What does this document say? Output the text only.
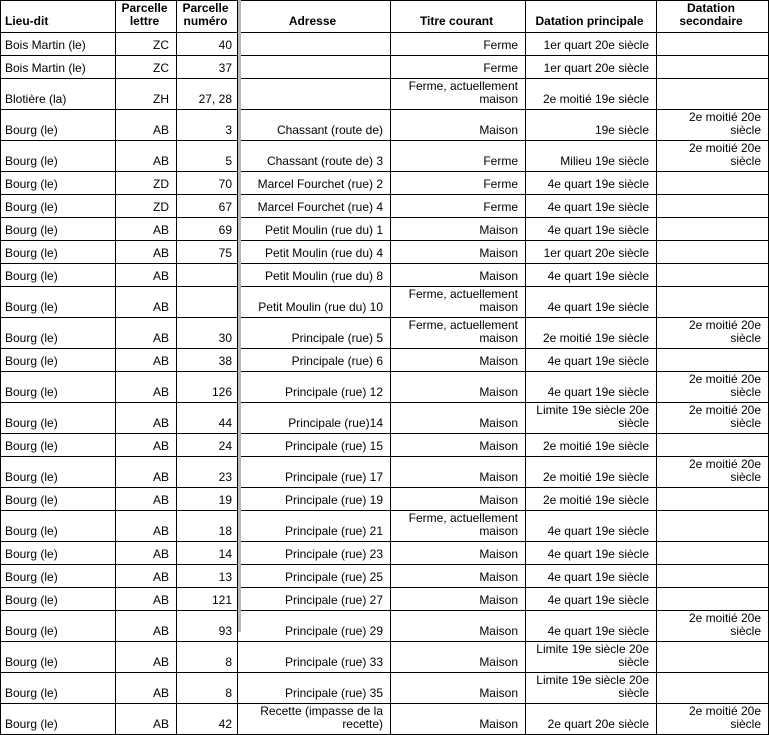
Lieu-dit	Parcelle lettre	Parcelle numéro	Adresse	Titre courant	Datation principale	Datation secondaire
Bois Martin (le)	ZC	40		Ferme	1er quart 20e siècle	
Bois Martin (le)	ZC	37		Ferme	1er quart 20e siècle	
Blotière (la)	ZH	27, 28		Ferme, actuellement maison	2e moitié 19e siècle	
Bourg (le)	AB	3	Chassant (route de)	Maison	19e siècle	2e moitié 20e siècle
Bourg (le)	AB	5	Chassant (route de) 3	Ferme	Milieu 19e siècle	2e moitié 20e siècle
Bourg (le)	ZD	70	Marcel Fourchet (rue) 2	Ferme	4e quart 19e siècle	
Bourg (le)	ZD	67	Marcel Fourchet (rue) 4	Ferme	4e quart 19e siècle	
Bourg (le)	AB	69	Petit Moulin (rue du) 1	Maison	4e quart 19e siècle	
Bourg (le)	AB	75	Petit Moulin (rue du) 4	Maison	1er quart 20e siècle	
Bourg (le)	AB		Petit Moulin (rue du) 8	Maison	4e quart 19e siècle	
Bourg (le)	AB		Petit Moulin (rue du) 10	Ferme, actuellement maison	4e quart 19e siècle	
Bourg (le)	AB	30	Principale (rue) 5	Ferme, actuellement maison	2e moitié 19e siècle	2e moitié 20e siècle
Bourg (le)	AB	38	Principale (rue) 6	Maison	4e quart 19e siècle	
Bourg (le)	AB	126	Principale (rue) 12	Maison	4e quart 19e siècle	2e moitié 20e siècle
Bourg (le)	AB	44	Principale (rue)14	Maison	Limite 19e siècle 20e siècle	2e moitié 20e siècle
Bourg (le)	AB	24	Principale (rue) 15	Maison	2e moitié 19e siècle	
Bourg (le)	AB	23	Principale (rue) 17	Maison	2e moitié 19e siècle	2e moitié 20e siècle
Bourg (le)	AB	19	Principale (rue) 19	Maison	2e moitié 19e siècle	
Bourg (le)	AB	18	Principale (rue) 21	Ferme, actuellement maison	4e quart 19e siècle	
Bourg (le)	AB	14	Principale (rue) 23	Maison	4e quart 19e siècle	
Bourg (le)	AB	13	Principale (rue) 25	Maison	4e quart 19e siècle	
Bourg (le)	AB	121	Principale (rue) 27	Maison	4e quart 19e siècle	
Bourg (le)	AB	93	Principale (rue) 29	Maison	4e quart 19e siècle	2e moitié 20e siècle
Bourg (le)	AB	8	Principale (rue) 33	Maison	Limite 19e siècle 20e siècle	
Bourg (le)	AB	8	Principale (rue) 35	Maison	Limite 19e siècle 20e siècle	
Bourg (le)	AB	42	Recette (impasse de la recette)	Maison	2e quart 20e siècle	2e moitié 20e siècle
